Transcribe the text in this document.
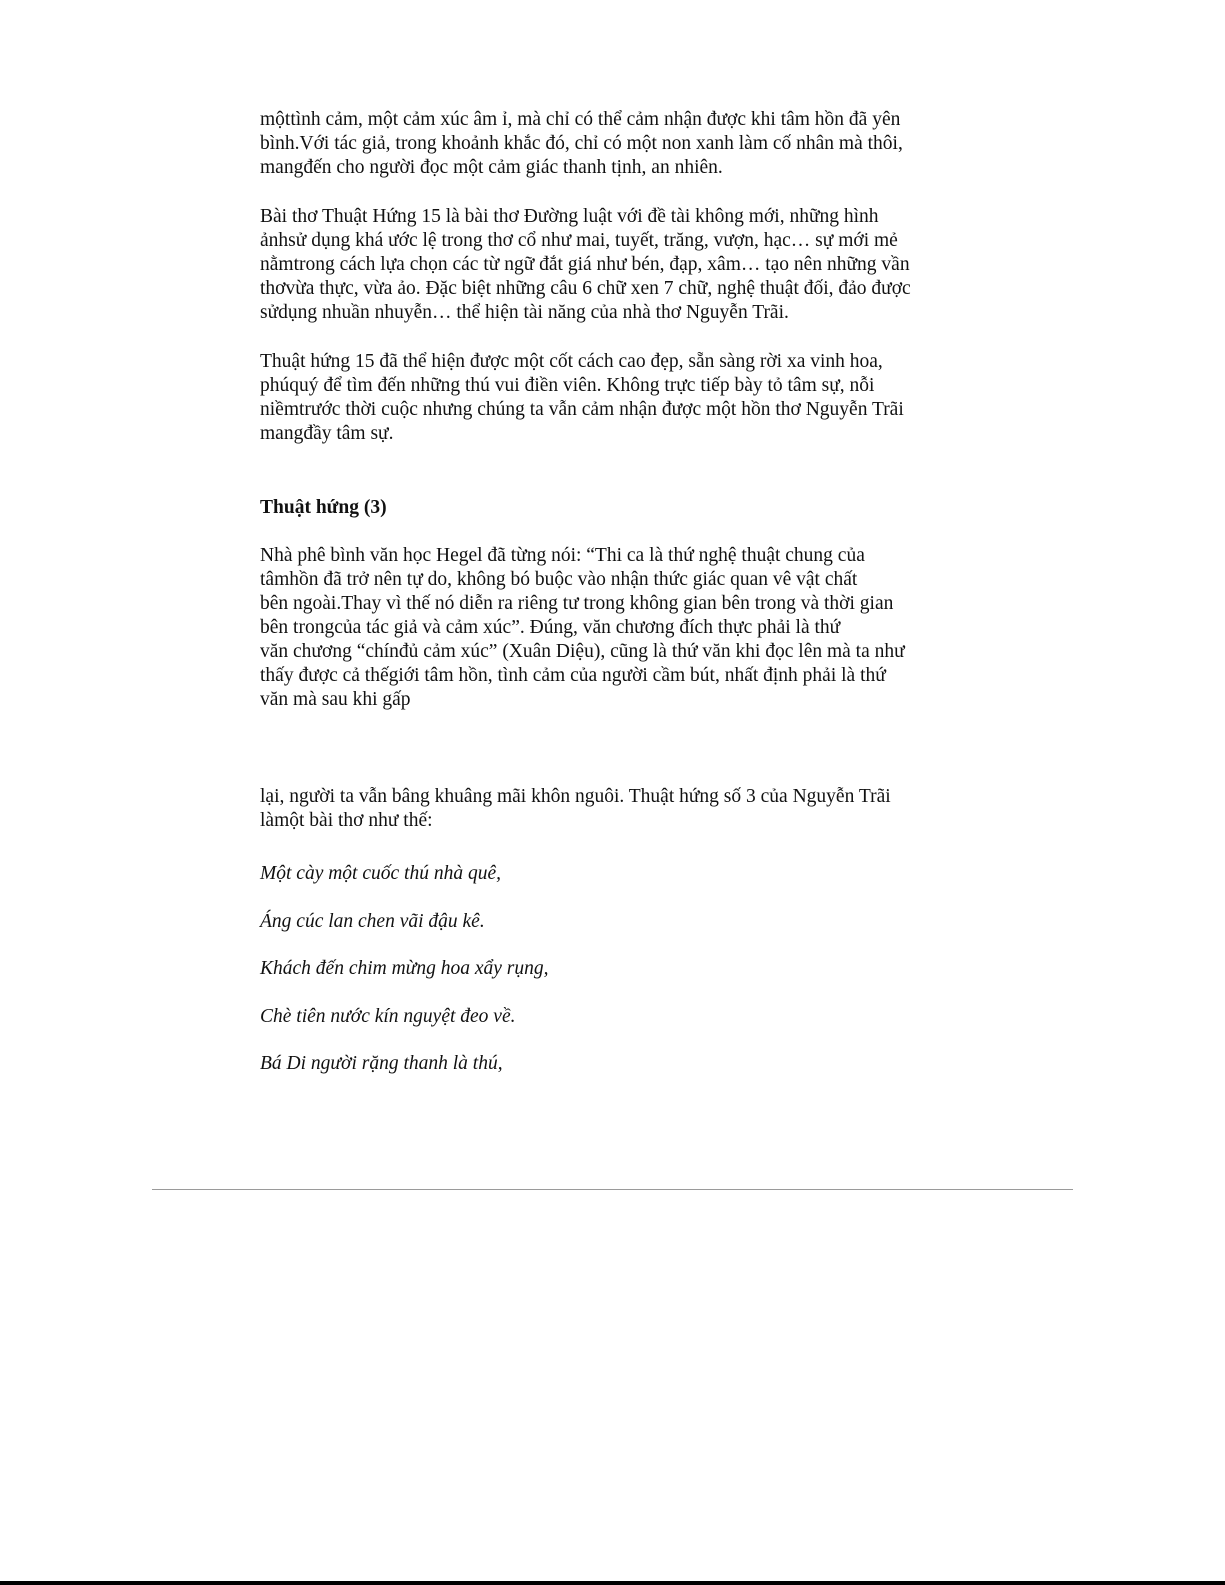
mộttình cảm, một cảm xúc âm ỉ, mà chỉ có thể cảm nhận được khi tâm hồn đã yên
bình.Với tác giả, trong khoảnh khắc đó, chỉ có một non xanh làm cố nhân mà thôi,
mangđến cho người đọc một cảm giác thanh tịnh, an nhiên.
Bài thơ Thuật Hứng 15 là bài thơ Đường luật với đề tài không mới, những hình
ảnhsử dụng khá ước lệ trong thơ cổ như mai, tuyết, trăng, vượn, hạc… sự mới mẻ
nằmtrong cách lựa chọn các từ ngữ đắt giá như bén, đạp, xâm… tạo nên những vần
thơvừa thực, vừa ảo. Đặc biệt những câu 6 chữ xen 7 chữ, nghệ thuật đối, đảo được
sửdụng nhuần nhuyễn… thể hiện tài năng của nhà thơ Nguyễn Trãi.
Thuật hứng 15 đã thể hiện được một cốt cách cao đẹp, sẵn sàng rời xa vinh hoa,
phúquý để tìm đến những thú vui điền viên. Không trực tiếp bày tỏ tâm sự, nỗi
niềmtrước thời cuộc nhưng chúng ta vẫn cảm nhận được một hồn thơ Nguyễn Trãi
mangđầy tâm sự.
Thuật hứng (3)
Nhà phê bình văn học Hegel đã từng nói: “Thi ca là thứ nghệ thuật chung của
tâmhồn đã trở nên tự do, không bó buộc vào nhận thức giác quan vê vật chất
bên ngoài.Thay vì thế nó diễn ra riêng tư trong không gian bên trong và thời gian
bên trongcủa tác giả và cảm xúc”. Đúng, văn chương đích thực phải là thứ
văn chương “chínđủ cảm xúc” (Xuân Diệu), cũng là thứ văn khi đọc lên mà ta như
thấy được cả thếgiới tâm hồn, tình cảm của người cầm bút, nhất định phải là thứ
văn mà sau khi gấp
lại, người ta vẫn bâng khuâng mãi khôn nguôi. Thuật hứng số 3 của Nguyễn Trãi
làmột bài thơ như thế:
Một cày một cuốc thú nhà quê,
Áng cúc lan chen vãi đậu kê.
Khách đến chim mừng hoa xẩy rụng,
Chè tiên nước kín nguyệt đeo về.
Bá Di người rặng thanh là thú,
